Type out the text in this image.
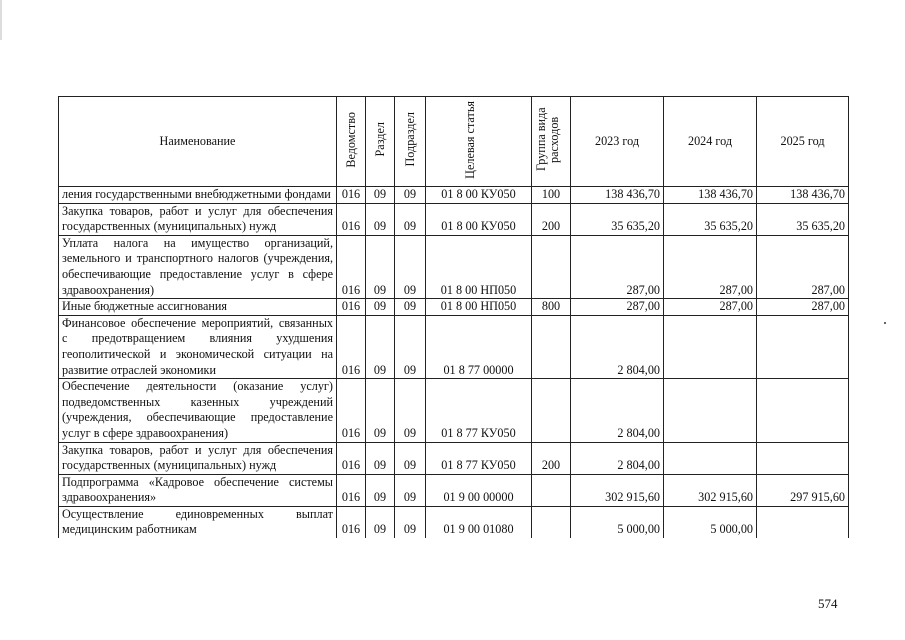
Наименование	Ведомство	Раздел	Подраздел	Целевая статья	Группа вида расходов	2023 год	2024 год	2025 год
ления государственными внебюджетными фондами	016	09	09	01 8 00 КУ050	100	138 436,70	138 436,70	138 436,70
Закупка товаров, работ и услуг для обеспечения государственных (муниципальных) нужд	016	09	09	01 8 00 КУ050	200	35 635,20	35 635,20	35 635,20
Уплата налога на имущество организаций, земельного и транспортного налогов (учреждения, обеспечивающие предоставление услуг в сфере здравоохранения)	016	09	09	01 8 00 НП050		287,00	287,00	287,00
Иные бюджетные ассигнования	016	09	09	01 8 00 НП050	800	287,00	287,00	287,00
Финансовое обеспечение мероприятий, связанных с предотвращением влияния ухудшения геополитической и экономической ситуации на развитие отраслей экономики	016	09	09	01 8 77 00000		2 804,00		
Обеспечение деятельности (оказание услуг) подведомственных казенных учреждений (учреждения, обеспечивающие предоставление услуг в сфере здравоохранения)	016	09	09	01 8 77 КУ050		2 804,00		
Закупка товаров, работ и услуг для обеспечения государственных (муниципальных) нужд	016	09	09	01 8 77 КУ050	200	2 804,00		
Подпрограмма «Кадровое обеспечение системы здравоохранения»	016	09	09	01 9 00 00000		302 915,60	302 915,60	297 915,60
Осуществление единовременных выплат медицинским работникам	016	09	09	01 9 00 01080		5 000,00	5 000,00	
574
